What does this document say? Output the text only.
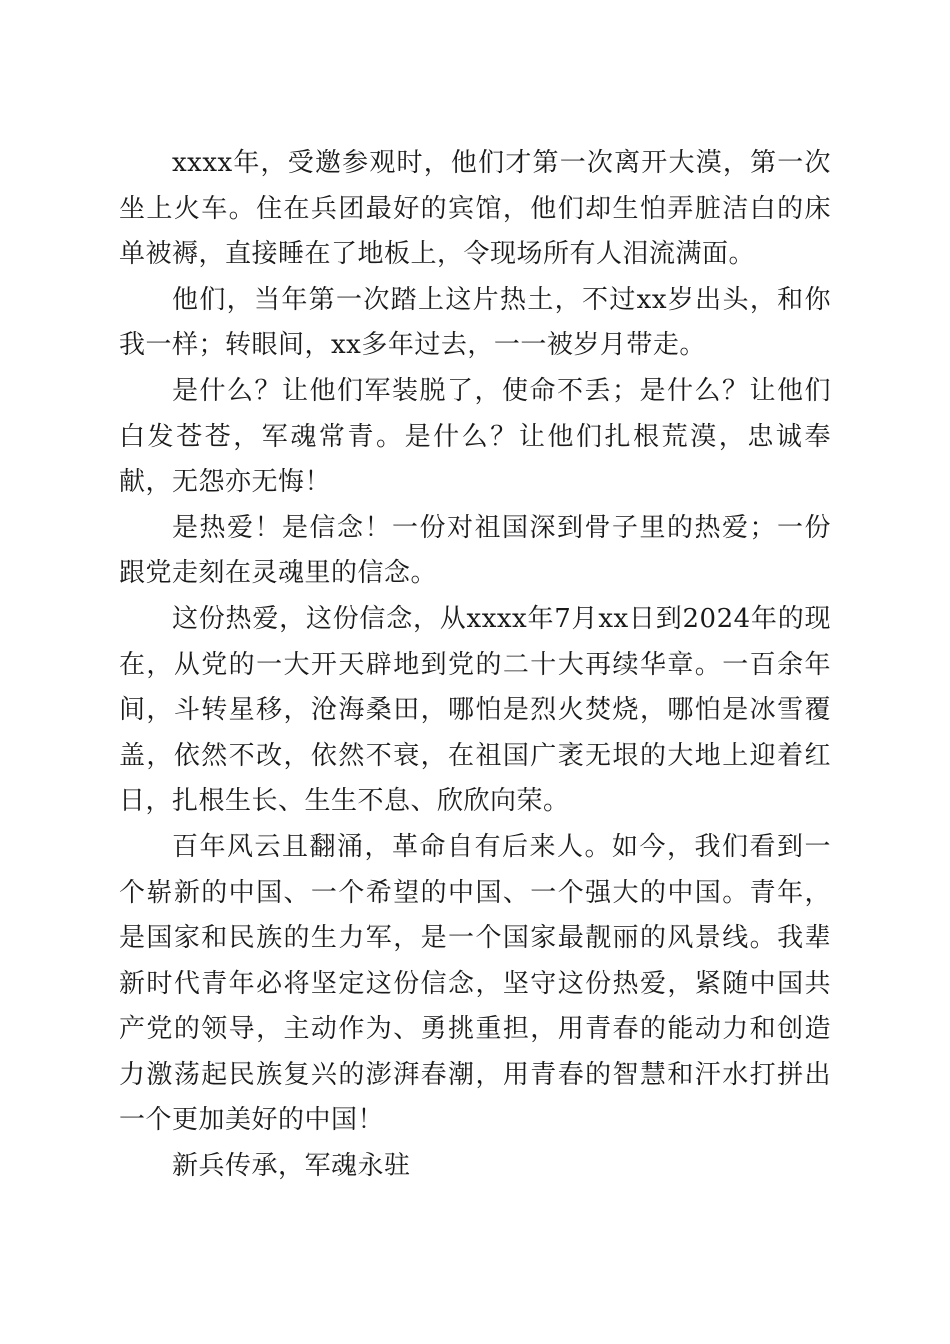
xxxx年，受邀参观时，他们才第一次离开大漠，第一次坐上火车。住在兵团最好的宾馆，他们却生怕弄脏洁白的床单被褥，直接睡在了地板上，令现场所有人泪流满面。

他们，当年第一次踏上这片热土，不过xx岁出头，和你我一样；转眼间，xx多年过去，一一被岁月带走。

是什么？让他们军装脱了，使命不丢；是什么？让他们白发苍苍，军魂常青。是什么？让他们扎根荒漠，忠诚奉献，无怨亦无悔！

是热爱！是信念！一份对祖国深到骨子里的热爱；一份跟党走刻在灵魂里的信念。

这份热爱，这份信念，从xxxx年7月xx日到2024年的现在，从党的一大开天辟地到党的二十大再续华章。一百余年间，斗转星移，沧海桑田，哪怕是烈火焚烧，哪怕是冰雪覆盖，依然不改，依然不衰，在祖国广袤无垠的大地上迎着红日，扎根生长、生生不息、欣欣向荣。

百年风云且翻涌，革命自有后来人。如今，我们看到一个崭新的中国、一个希望的中国、一个强大的中国。青年，是国家和民族的生力军，是一个国家最靓丽的风景线。我辈新时代青年必将坚定这份信念，坚守这份热爱，紧随中国共产党的领导，主动作为、勇挑重担，用青春的能动力和创造力激荡起民族复兴的澎湃春潮，用青春的智慧和汗水打拼出一个更加美好的中国！

新兵传承，军魂永驻
